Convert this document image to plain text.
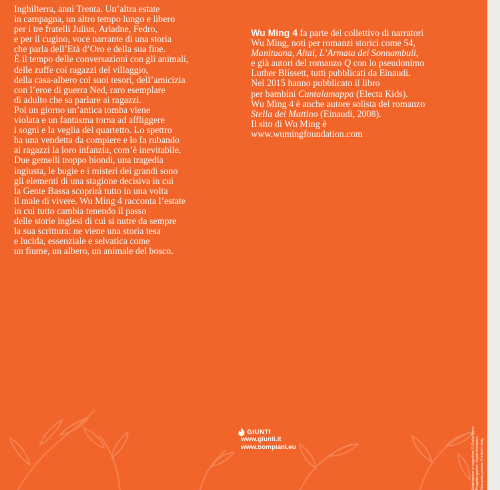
Inghilterra, anni Trenta. Un’altra estate
in campagna, un altro tempo lungo e libero
per i tre fratelli Julius, Ariadne, Fedro,
e per il cugino, voce narrante di una storia
che parla dell’Età d’Oro e della sua fine.
È il tempo delle conversazioni con gli animali,
delle zuffe coi ragazzi del villaggio,
della casa-albero coi suoi tesori, dell’amicizia
con l’eroe di guerra Ned, raro esemplare
di adulto che sa parlare ai ragazzi.
Poi un giorno un’antica tomba viene
violata e un fantasma torna ad affliggere
i sogni e la veglia del quartetto. Lo spettro
ha una vendetta da compiere e lo fa rubando
ai ragazzi la loro infanzia, com’è inevitabile.
Due gemelli troppo biondi, una tragedia
ingiusta, le bugie e i misteri dei grandi sono
gli elementi di una stagione decisiva in cui
la Gente Bassa scoprirà tutto in una volta
il male di vivere. Wu Ming 4 racconta l’estate
in cui tutto cambia tenendo il passo
delle storie inglesi di cui si nutre da sempre
la sua scrittura: ne viene una storia tesa
e lucida, essenziale e selvatica come
un fiume, un albero, un animale del bosco.
Wu Ming 4 fa parte del collettivo di narratori
Wu Ming, noti per romanzi storici come 54,
Manituana, Altai, L’Armata dei Sonnambuli,
e già autori del romanzo Q con lo pseudonimo
Luther Blissett, tutti pubblicati da Einaudi.
Nel 2015 hanno pubblicato il libro
per bambini Cantalamappa (Electa Kids).
Wu Ming 4 è anche autore solista del romanzo
Stella del Mattino (Einaudi, 2008).
Il sito di Wu Ming è
www.wumingfoundation.com
GIUNTI
www.giunti.it
www.bompiani.eu	Illustrazione in copertina: © Giulia Rossi Progetto grafico: Studio Bompiani Stampato presso: Printed in Italy
